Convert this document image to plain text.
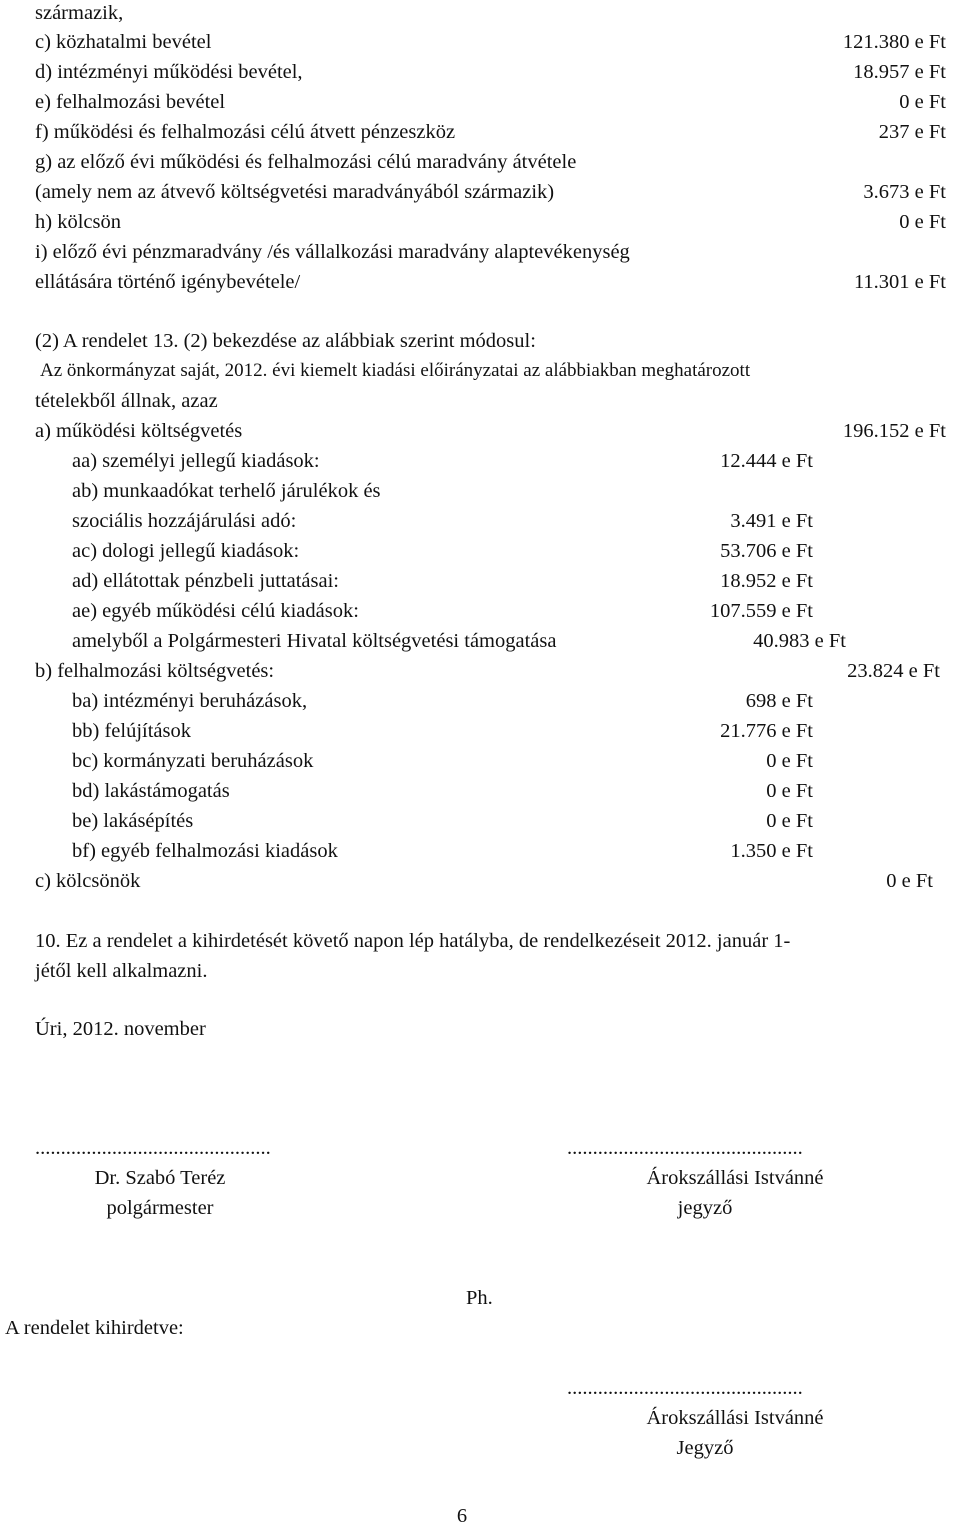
származik,
c) közhatalmi bevétel	121.380 e Ft
d) intézményi működési bevétel,	18.957 e Ft
e) felhalmozási bevétel	0 e Ft
f) működési és felhalmozási célú átvett pénzeszköz	237 e Ft
g) az előző évi működési és felhalmozási célú maradvány átvétele
(amely nem az átvevő költségvetési maradványából származik)	3.673 e Ft
h) kölcsön	0 e Ft
i) előző évi pénzmaradvány /és vállalkozási maradvány alaptevékenység
ellátására történő igénybevétele/	11.301 e Ft
(2) A rendelet 13. (2) bekezdése az alábbiak szerint módosul:
Az önkormányzat saját, 2012. évi kiemelt kiadási előirányzatai az alábbiakban meghatározott
tételekből állnak, azaz
a) működési költségvetés	196.152 e Ft
aa) személyi jellegű kiadások:	12.444 e Ft
ab) munkaadókat terhelő járulékok és
szociális hozzájárulási adó:	3.491 e Ft
ac) dologi jellegű kiadások:	53.706 e Ft
ad) ellátottak pénzbeli juttatásai:	18.952 e Ft
ae) egyéb működési célú kiadások:	107.559 e Ft
amelyből a Polgármesteri Hivatal költségvetési támogatása	40.983 e Ft
b) felhalmozási költségvetés:	23.824 e Ft
ba) intézményi beruházások,	698 e Ft
bb) felújítások	21.776 e Ft
bc) kormányzati beruházások	0 e Ft
bd) lakástámogatás	0 e Ft
be) lakásépítés	0 e Ft
bf) egyéb felhalmozási kiadások	1.350 e Ft
c) kölcsönök	0 e Ft
10. Ez a rendelet a kihirdetését követő napon lép hatályba, de rendelkezéseit 2012. január 1-
jétől kell alkalmazni.
Úri, 2012. november
..............................................
Dr. Szabó Teréz
polgármester
..............................................
Árokszállási Istvánné
jegyző
Ph.
A rendelet kihirdetve:
..............................................
Árokszállási Istvánné
Jegyző
6
